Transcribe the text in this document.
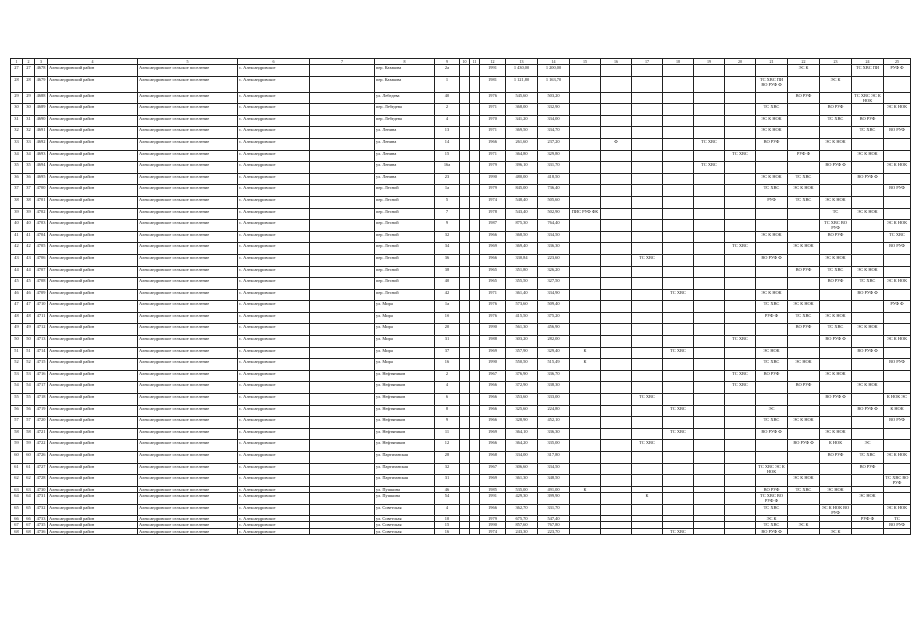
1	2	3	4	5	6	7	8	9	10	11	12	13	14	15	16	17	18	19	20	21	22	23	24	25
27	27	4678	Александровский район	Александровское сельское поселение	с. Александровское		пер. Казакова	2а			1991	1 430,00	1 200,00								ЭС К		ТС ХВС ПИ	РУФ Ф
28	28	4679	Александровский район	Александровское сельское поселение	с. Александровское		пер. Казакова	1			1981	1 121,80	1 163,70							ТС ХВС ПИ ВО РУФ Ф		ЭС К		
29	29	4688	Александровский район	Александровское сельское поселение	с. Александровское		ул. Лебедева	40			1976	545,60	503,20								ВО РУФ		ТС ХВС ЭС К НОК	
30	30	4689	Александровский район	Александровское сельское поселение	с. Александровское		пер. Лебедева	2			1971	368,00	332,90							ТС ХВС		ВО РУФ		ЭС К НОК
31	31	4690	Александровский район	Александровское сельское поселение	с. Александровское		пер. Лебедева	4			1970	341,20	334,00							ЭС К НОК		ТС ХВС	ВО РУФ	
32	32	4691	Александровский район	Александровское сельское поселение	с. Александровское		ул. Ленина	13			1971	369,50	334,70							ЭС К НОК			ТС ХВС	ВО РУФ
33	33	4692	Александровский район	Александровское сельское поселение	с. Александровское		ул. Ленина	14			1966	261,60	237,20		Ф			ТС ХВС		ВО РУФ		ЭС К НОК		
34	34	4693	Александровский район	Александровское сельское поселение	с. Александровское		ул. Ленина	15			1971	364,80	329,80						ТС ХВС		РУФ Ф		ЭС К НОК	
35	35	4694	Александровский район	Александровское сельское поселение	с. Александровское		ул. Ленина	16а			1979	396,10	331,70					ТС ХВС				ВО РУФ Ф		ЭС К НОК
36	36	4695	Александровский район	Александровское сельское поселение	с. Александровское		ул. Ленина	23			1990	480,00	418,50							ЭС К НОК	ТС ХВС		ВО РУФ Ф	
37	37	4700	Александровский район	Александровское сельское поселение	с. Александровское		пер. Лесной	1а			1979	845,00	736,40							ТС ХВС	ЭС К НОК			ВО РУФ
38	38	4701	Александровский район	Александровское сельское поселение	с. Александровское		пер. Лесной	5			1974	548,40	505,60							РУФ	ТС ХВС	ЭС К НОК		
39	39	4702	Александровский район	Александровское сельское поселение	с. Александровское		пер. Лесной	7			1978	543,40	502,90	ПИС РУФ ФК								ТС	ЭС К НОК	
40	40	4703	Александровский район	Александровское сельское поселение	с. Александровское		пер. Лесной	9			1987	875,30	764,40									ТС ХВС ВО РУФ		ЭС К НОК
41	41	4704	Александровский район	Александровское сельское поселение	с. Александровское		пер. Лесной	32			1966	368,50	334,50							ЭС К НОК		ВО РУФ		ТС ХВС
42	42	4705	Александровский район	Александровское сельское поселение	с. Александровское		пер. Лесной	34			1969	369,40	336,30						ТС ХВС		ЭС К НОК			ВО РУФ
43	43	4706	Александровский район	Александровское сельское поселение	с. Александровское		пер. Лесной	36			1966	330,84	223,60			ТС ХВС				ВО РУФ Ф		ЭС К НОК		
44	44	4707	Александровский район	Александровское сельское поселение	с. Александровское		пер. Лесной	38			1965	351,80	326,20								ВО РУФ	ТС ХВС	ЭС К НОК	
45	45	4708	Александровский район	Александровское сельское поселение	с. Александровское		пер. Лесной	40			1965	355,50	327,50									ВО РУФ	ТС ХВС	ЭС К НОК
46	46	4709	Александровский район	Александровское сельское поселение	с. Александровское		пер. Лесной	42			1971	361,40	334,90				ТС ХВС			ЭС К НОК			ВО РУФ Ф	
47	47	4710	Александровский район	Александровское сельское поселение	с. Александровское		ул. Мира	1а			1976	573,60	509,40							ТС ХВС	ЭС К НОК			РУФ Ф
48	48	4711	Александровский район	Александровское сельское поселение	с. Александровское		ул. Мира	1б			1976	415,50	375,20							РУФ Ф	ТС ХВС	ЭС К НОК		
49	49	4712	Александровский район	Александровское сельское поселение	с. Александровское		ул. Мира	20			1990	561,30	456,90								ВО РУФ	ТС ХВС	ЭС К НОК	
50	50	4713	Александровский район	Александровское сельское поселение	с. Александровское		ул. Мира	31			1988	303,20	282,00						ТС ХВС			ВО РУФ Ф		ЭС К НОК
51	51	4714	Александровский район	Александровское сельское поселение	с. Александровское		ул. Мира	37			1969	357,90	329,40	К			ТС ХВС			ЭС НОК			ВО РУФ Ф	
52	52	4715	Александровский район	Александровское сельское поселение	с. Александровское		ул. Мира	16			1990	550,50	515,49	К						ТС ХВС	ЭС НОК			ВО РУФ
53	53	4716	Александровский район	Александровское сельское поселение	с. Александровское		ул. Нефтяников	2			1967	376,90	336,70						ТС ХВС	ВО РУФ		ЭС К НОК		
54	54	4717	Александровский район	Александровское сельское поселение	с. Александровское		ул. Нефтяников	4			1966	372,90	338,30						ТС ХВС		ВО РУФ		ЭС К НОК	
55	55	4718	Александровский район	Александровское сельское поселение	с. Александровское		ул. Нефтяников	6			1966	353,60	333,00			ТС ХВС						ВО РУФ Ф		К НОК ЭС
56	56	4719	Александровский район	Александровское сельское поселение	с. Александровское		ул. Нефтяников	8			1966	325,60	224,80				ТС ХВС			ЭС			ВО РУФ Ф	К НОК
57	57	4720	Александровский район	Александровское сельское поселение	с. Александровское		ул. Нефтяников	9			1966	328,90	452,10							ТС ХВС	ЭС К НОК			ВО РУФ
58	58	4721	Александровский район	Александровское сельское поселение	с. Александровское		ул. Нефтяников	11			1969	364,10	336,30				ТС ХВС			ВО РУФ Ф		ЭС К НОК		
59	59	4722	Александровский район	Александровское сельское поселение	с. Александровское		ул. Нефтяников	12			1966	364,20	335,00			ТС ХВС					ВО РУФ Ф	К НОК	ЭС	
60	60	4726	Александровский район	Александровское сельское поселение	с. Александровское		ул. Партизанская	28			1968	334,00	317,80									ВО РУФ	ТС ХВС	ЭС К НОК
61	61	4727	Александровский район	Александровское сельское поселение	с. Александровское		ул. Партизанская	32			1967	306,60	334,50							ТС ХВС ЭС К НОК			ВО РУФ	
62	62	4728	Александровский район	Александровское сельское поселение	с. Александровское		ул. Партизанская	31			1969	361,30	348,50								ЭС К НОК			ТС ХВС ВО РУФ
63	63	4730	Александровский район	Александровское сельское поселение	с. Александровское		ул. Пушкина	46			1985	535,00	491,00	К						ВО РУФ	ТС ХВС	ЭС НОК		
64	64	4731	Александровский район	Александровское сельское поселение	с. Александровское		ул. Пушкина	54			1991	429,30	399,90			К				ТС ХВС ВО РУФ Ф			ЭС НОК	
65	65	4732	Александровский район	Александровское сельское поселение	с. Александровское		ул. Советская	4			1966	362,70	331,70							ТС ХВС		ЭС К НОК ВО РУФ		ЭС К НОК
66	66	4733	Александровский район	Александровское сельское поселение	с. Александровское		ул. Советская	10			1979	675,70	547,40							ЭС К			РУФ Ф	ТС
67	67	4735	Александровский район	Александровское сельское поселение	с. Александровское		ул. Советская	15			1990	857,60	767,80							ТС ХВС	ЭС К			ВО РУФ
68	68	4736	Александровский район	Александровское сельское поселение	с. Александровское		ул. Советская	16			1974	243,30	223,70				ТС ХВС			ВО РУФ Ф		ЭС К		
